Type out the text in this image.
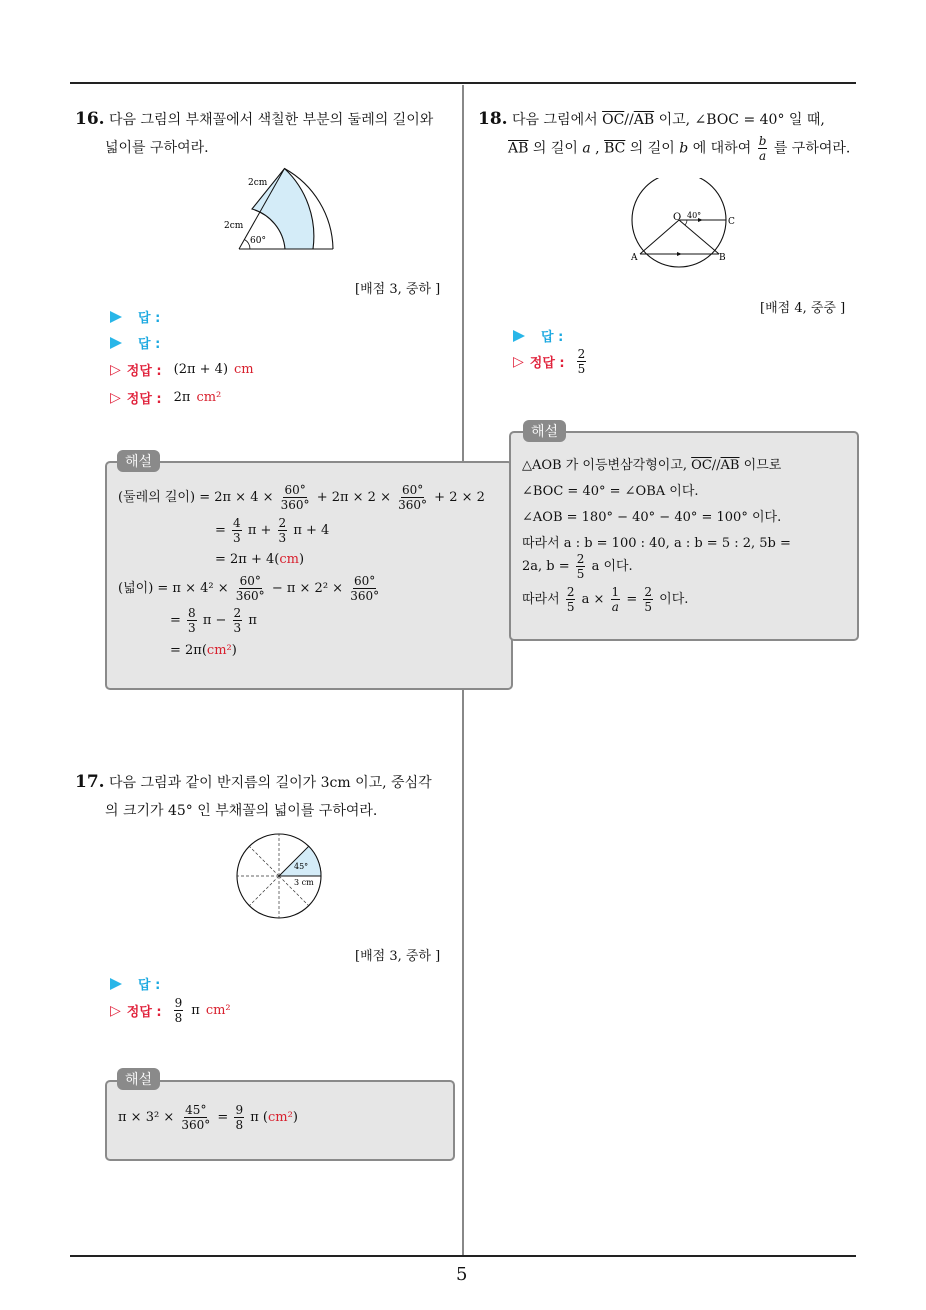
5
16. 다음 그림의 부채꼴에서 색칠한 부분의 둘레의 길이와
넓이를 구하여라.
2cm
2cm
60°
[배점 3, 중하 ]
답 :
답 :
▷ 정답 : (2π + 4) cm
▷ 정답 : 2π cm²
해설
(둘레의 길이) = $2\pi \times 4 \times \frac{60^\circ}{360^\circ} + 2\pi \times 2 \times \frac{60^\circ}{360^\circ} + 2 \times 2$
= $\frac{4}{3}$ $\pi + \frac{2}{3}$ π + 4
= 2π + 4(cm)
(넓이) = $\pi \times 4^2 \times \frac{60^\circ}{360^\circ} - \pi \times 2^2 \times \frac{60^\circ}{360^\circ}$
= $\frac{8}{3}$ $\pi - \frac{2}{3}$ π
= 2π(cm²)
17. 다음 그림과 같이 반지름의 길이가 3cm 이고, 중심각
의 크기가 45° 인 부채꼴의 넓이를 구하여라.
45°
3 cm
[배점 3, 중하 ]
답 :
▷ 정답 : $\frac{9}{8}$ π cm²
해설
$\pi \times 3^2 \times \frac{45^\circ}{360^\circ} = \frac{9}{8}$ π (cm²)
18. 다음 그림에서 $\overline{OC}//\overline{AB}$ 이고, ∠BOC = 40° 일 때,
$\overline{AB}$ 의 길이 a , $\overline{BC}$ 의 길이 b 에 대하여 $\frac{b}{a}$ 를 구하여라.
O 40°
C
A	B
[배점 4, 중중 ]
답 :
▷ 정답 : $\frac{2}{5}$
해설
△AOB 가 이등변삼각형이고, $\overline{OC}//\overline{AB}$ 이므로
∠BOC = 40° = ∠OBA 이다.
∠AOB = 180° − 40° − 40° = 100° 이다.
따라서 a : b = 100 : 40, a : b = 5 : 2, 5b =
2a, $b = \frac{2}{5}$ a 이다.
따라서 $\frac{2}{5}$ $a \times \frac{1}{a} = \frac{2}{5}$ 이다.
